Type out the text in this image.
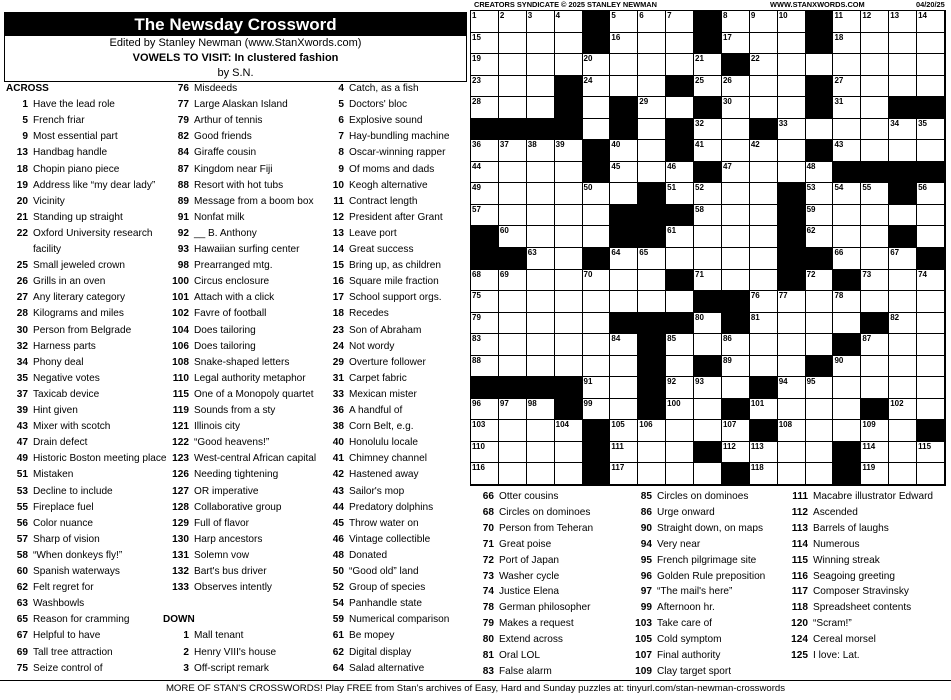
The Newsday Crossword
Edited by Stanley Newman (www.StanXwords.com)
VOWELS TO VISIT: In clustered fashion
by S.N.
CREATORS SYNDICATE © 2025 STANLEY NEWMAN	WWW.STANXWORDS.COM	04/20/25
1	2	3	4	5	6	7	8	9	10	11 12 13 14
15	16	17	18
19	20	21	22
23	24	25 26	27
28	29	30	31
32	33	34 35
36 37 38 39	40	41	42	43
44	45	46	47	48
49	50	51 52	53 54 55	56
57	58	59
60	61	62
63	64 65	66	67
68 69	70	71	72	73	74
75	76 77	78
79	80	81	82
83	84	85	86	87
88	89	90
91	92 93	94 95
96 97 98	99	100	101	102
103	104	105 106	107	108	109
110	111	112 113	114	115
116	117	118	119
ACROSS
1 Have the lead role
5 French friar
9 Most essential part
13 Handbag handle
18 Chopin piano piece
19 Address like “my dear lady”
20 Vicinity
21 Standing up straight
22 Oxford University research
facility
25 Small jeweled crown
26 Grills in an oven
27 Any literary category
28 Kilograms and miles
30 Person from Belgrade
32 Harness parts
34 Phony deal
35 Negative votes
37 Taxicab device
39 Hint given
43 Mixer with scotch
47 Drain defect
49 Historic Boston meeting place
51 Mistaken
53 Decline to include
55 Fireplace fuel
56 Color nuance
57 Sharp of vision
58 “When donkeys fly!”
60 Spanish waterways
62 Felt regret for
63 Washbowls
65 Reason for cramming
67 Helpful to have
69 Tall tree attraction
75 Seize control of
76 Misdeeds
77 Large Alaskan Island
79 Arthur of tennis
82 Good friends
84 Giraffe cousin
87 Kingdom near Fiji
88 Resort with hot tubs
89 Message from a boom box
91 Nonfat milk
92 __ B. Anthony
93 Hawaiian surfing center
98 Prearranged mtg.
100 Circus enclosure
101 Attach with a click
102 Favre of football
104 Does tailoring
106 Does tailoring
108 Snake-shaped letters
110 Legal authority metaphor
115 One of a Monopoly quartet
119 Sounds from a sty
121 Illinois city
122 “Good heavens!”
123 West-central African capital
126 Needing tightening
127 OR imperative
128 Collaborative group
129 Full of flavor
130 Harp ancestors
131 Solemn vow
132 Bart's bus driver
133 Observes intently
DOWN
1 Mall tenant
2 Henry VIII's house
3 Off-script remark
4 Catch, as a fish
5 Doctors' bloc
6 Explosive sound
7 Hay-bundling machine
8 Oscar-winning rapper
9 Of moms and dads
10 Keogh alternative
11 Contract length
12 President after Grant
13 Leave port
14 Great success
15 Bring up, as children
16 Square mile fraction
17 School support orgs.
18 Recedes
23 Son of Abraham
24 Not wordy
29 Overture follower
31 Carpet fabric
33 Mexican mister
36 A handful of
38 Corn Belt, e.g.
40 Honolulu locale
41 Chimney channel
42 Hastened away
43 Sailor's mop
44 Predatory dolphins
45 Throw water on
46 Vintage collectible
48 Donated
50 “Good old” land
52 Group of species
54 Panhandle state
59 Numerical comparison
61 Be mopey
62 Digital display
64 Salad alternative
66 Otter cousins
68 Circles on dominoes
70 Person from Teheran
71 Great poise
72 Port of Japan
73 Washer cycle
74 Justice Elena
78 German philosopher
79 Makes a request
80 Extend across
81 Oral LOL
83 False alarm
85 Circles on dominoes
86 Urge onward
90 Straight down, on maps
94 Very near
95 French pilgrimage site
96 Golden Rule preposition
97 “The mail's here”
99 Afternoon hr.
103 Take care of
105 Cold symptom
107 Final authority
109 Clay target sport
111 Macabre illustrator Edward
112 Ascended
113 Barrels of laughs
114 Numerous
115 Winning streak
116 Seagoing greeting
117 Composer Stravinsky
118 Spreadsheet contents
120 “Scram!”
124 Cereal morsel
125 I love: Lat.
MORE OF STAN'S CROSSWORDS! Play FREE from Stan's archives of Easy, Hard and Sunday puzzles at: tinyurl.com/stan-newman-crosswords
